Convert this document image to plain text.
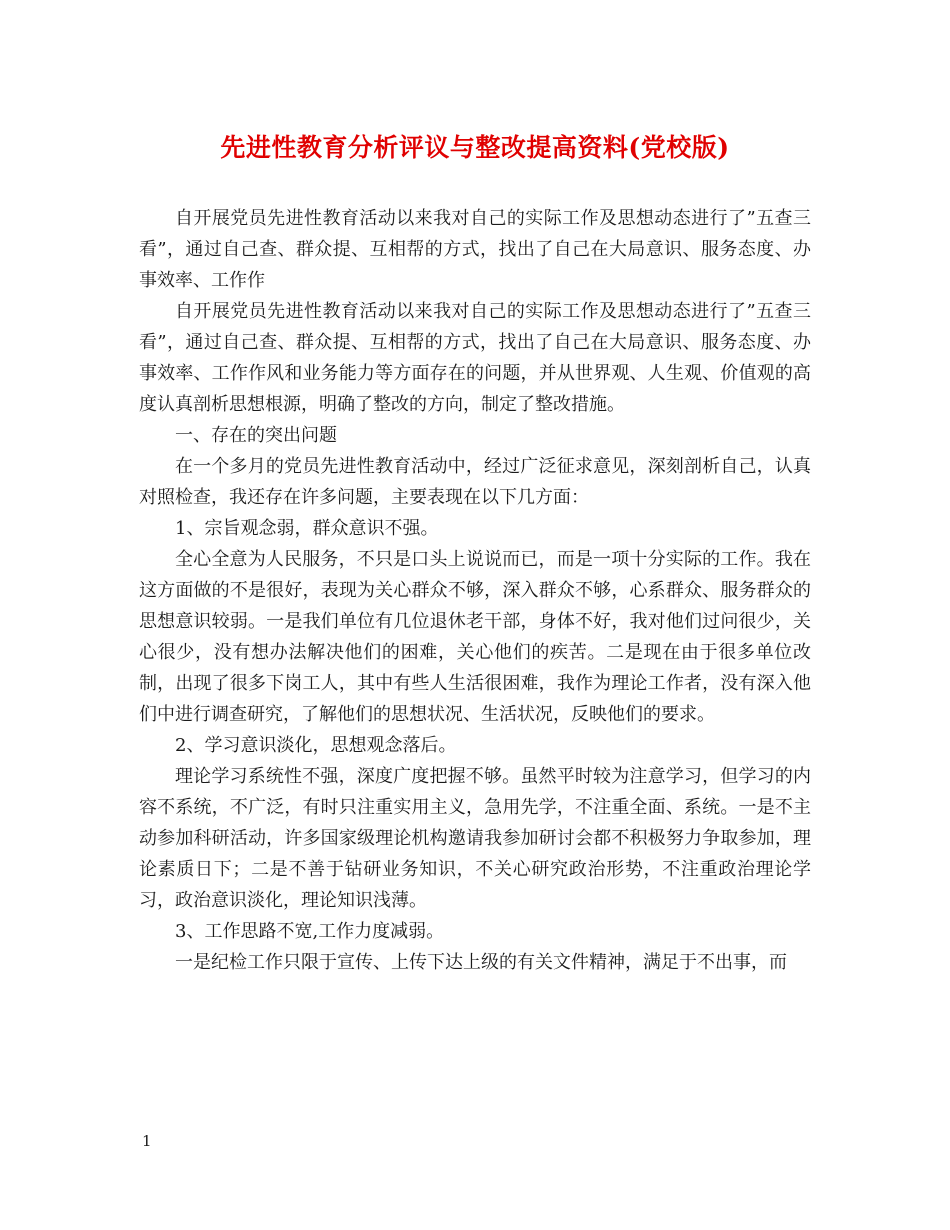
先进性教育分析评议与整改提高资料(党校版)

自开展党员先进性教育活动以来我对自己的实际工作及思想动态进行了”五查三看”，通过自己查、群众提、互相帮的方式，找出了自己在大局意识、服务态度、办事效率、工作作

自开展党员先进性教育活动以来我对自己的实际工作及思想动态进行了”五查三看”，通过自己查、群众提、互相帮的方式，找出了自己在大局意识、服务态度、办事效率、工作作风和业务能力等方面存在的问题，并从世界观、人生观、价值观的高度认真剖析思想根源，明确了整改的方向，制定了整改措施。

一、存在的突出问题

在一个多月的党员先进性教育活动中，经过广泛征求意见，深刻剖析自己，认真对照检查，我还存在许多问题，主要表现在以下几方面：

1、宗旨观念弱，群众意识不强。

全心全意为人民服务，不只是口头上说说而已，而是一项十分实际的工作。我在这方面做的不是很好，表现为关心群众不够，深入群众不够，心系群众、服务群众的思想意识较弱。一是我们单位有几位退休老干部，身体不好，我对他们过问很少，关心很少，没有想办法解决他们的困难，关心他们的疾苦。二是现在由于很多单位改制，出现了很多下岗工人，其中有些人生活很困难，我作为理论工作者，没有深入他们中进行调查研究，了解他们的思想状况、生活状况，反映他们的要求。

2、学习意识淡化，思想观念落后。

理论学习系统性不强，深度广度把握不够。虽然平时较为注意学习，但学习的内容不系统，不广泛，有时只注重实用主义，急用先学，不注重全面、系统。一是不主动参加科研活动，许多国家级理论机构邀请我参加研讨会都不积极努力争取参加，理论素质日下；二是不善于钻研业务知识，不关心研究政治形势，不注重政治理论学习，政治意识淡化，理论知识浅薄。

3、工作思路不宽,工作力度减弱。

一是纪检工作只限于宣传、上传下达上级的有关文件精神，满足于不出事，而

1
